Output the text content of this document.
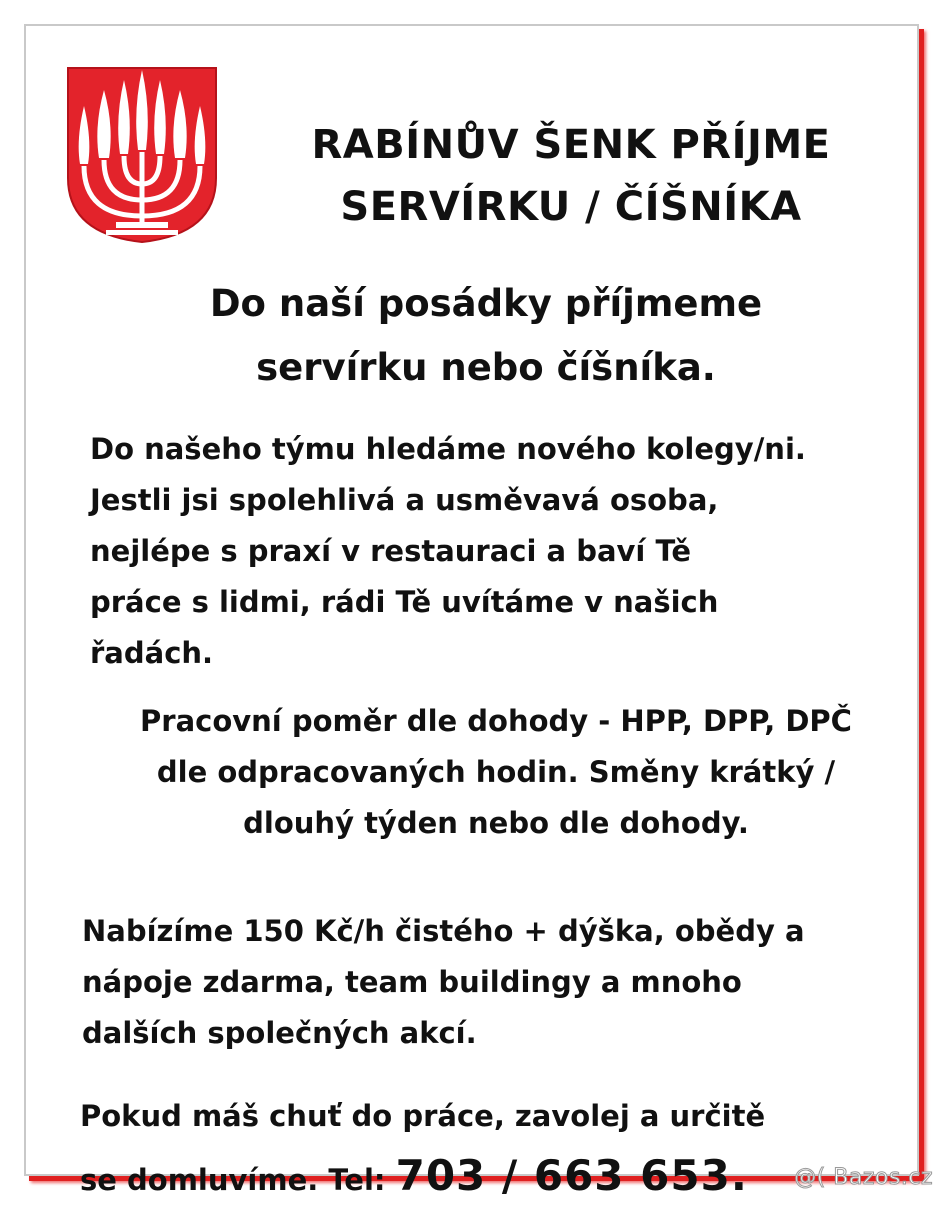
RABÍNŮV ŠENK PŘÍJME
SERVÍRKU / ČÍŠNÍKA
Do naší posádky příjmeme
servírku nebo číšníka.

Do našeho týmu hledáme nového kolegy/ni.
Jestli jsi spolehlivá a usměvavá osoba,
nejlépe s praxí v restauraci a baví Tě
práce s lidmi, rádi Tě uvítáme v našich
řadách.

Pracovní poměr dle dohody - HPP, DPP, DPČ
dle odpracovaných hodin. Směny krátký /
dlouhý týden nebo dle dohody.

Nabízíme 150 Kč/h čistého + dýška, obědy a
nápoje zdarma, team buildingy a mnoho
dalších společných akcí.

Pokud máš chuť do práce, zavolej a určitě
se domluvíme. Tel: 703 / 663 653.	@( Bazos.cz
